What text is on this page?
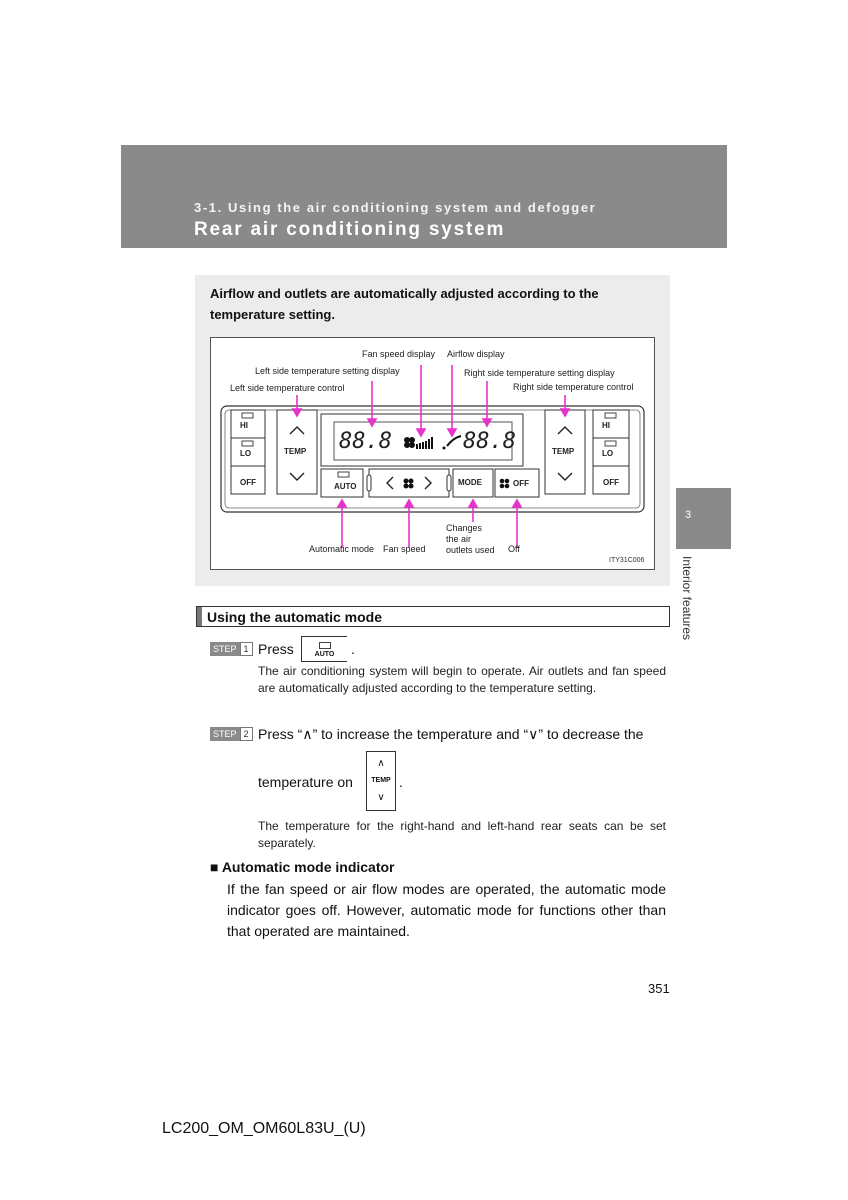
3-1. Using the air conditioning system and defogger
Rear air conditioning system
3
Interior features
Airflow and outlets are automatically adjusted according to the temperature setting.
HI
LO
OFF
TEMP
AUTO	MODE	OFF
TEMP
HI
LO
OFF
88.8	88.8
Fan speed display Airflow display
Left side temperature setting display	Right side temperature setting display
Left side temperature control	Right side temperature control
Automatic mode Fan speed
Changes
the air
outlets used Off
ITY31C006
Using the automatic mode
STEP 1 Press	AUTO	.
The air conditioning system will begin to operate. Air outlets and fan speed are automatically adjusted according to the temperature setting.
STEP 2 Press “∧” to increase the temperature and “∨” to decrease the
temperature on
∧
TEMP
∨
.
The temperature for the right-hand and left-hand rear seats can be set separately.
■ Automatic mode indicator
If the fan speed or air flow modes are operated, the automatic mode indicator goes off. However, automatic mode for functions other than that operated are maintained.
351
LC200_OM_OM60L83U_(U)
